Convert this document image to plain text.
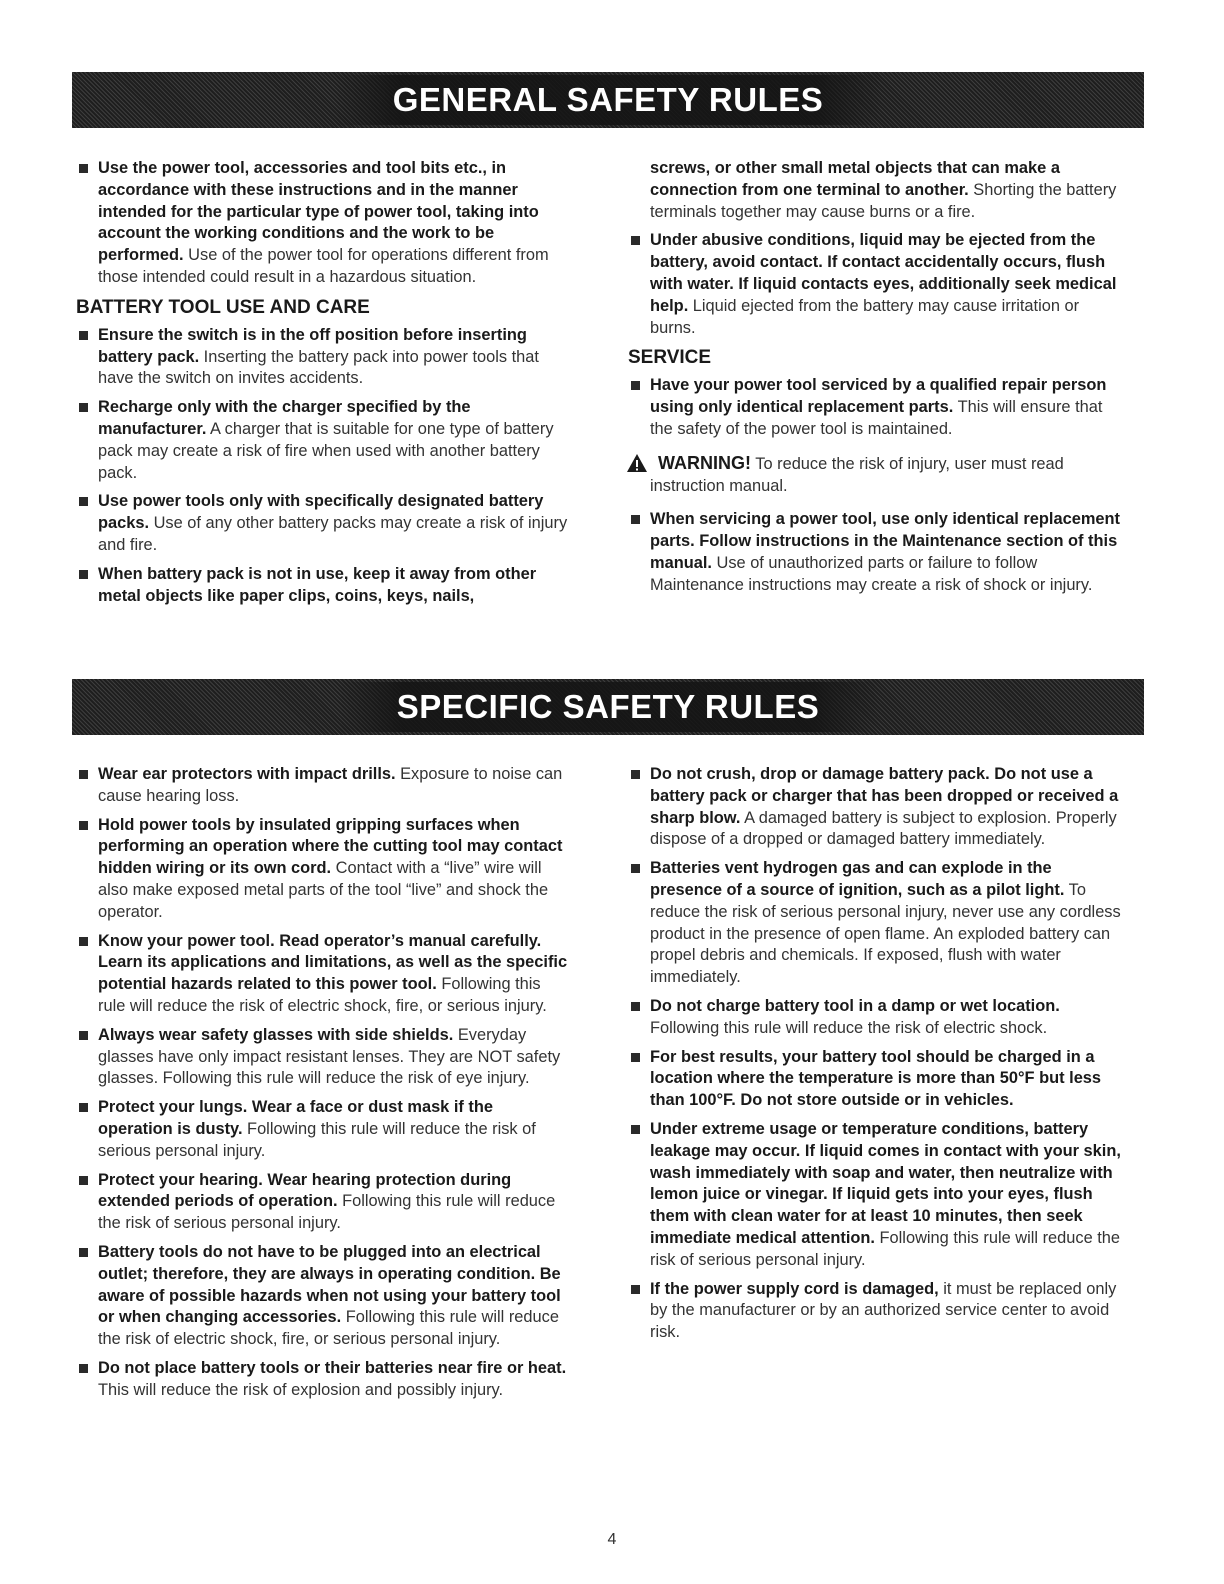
GENERAL SAFETY RULES
Use the power tool, accessories and tool bits etc., in accordance with these instructions and in the manner intended for the particular type of power tool, taking into account the working conditions and the work to be performed. Use of the power tool for operations different from those intended could result in a hazardous situation.
BATTERY TOOL USE AND CARE
Ensure the switch is in the off position before inserting battery pack. Inserting the battery pack into power tools that have the switch on invites accidents.
Recharge only with the charger specified by the manufacturer. A charger that is suitable for one type of battery pack may create a risk of fire when used with another battery pack.
Use power tools only with specifically designated battery packs. Use of any other battery packs may create a risk of injury and fire.
When battery pack is not in use, keep it away from other metal objects like paper clips, coins, keys, nails,
screws, or other small metal objects that can make a connection from one terminal to another. Shorting the battery terminals together may cause burns or a fire.
Under abusive conditions, liquid may be ejected from the battery, avoid contact. If contact accidentally occurs, flush with water. If liquid contacts eyes, additionally seek medical help. Liquid ejected from the battery may cause irritation or burns.
SERVICE
Have your power tool serviced by a qualified repair person using only identical replacement parts. This will ensure that the safety of the power tool is maintained.
WARNING! To reduce the risk of injury, user must read instruction manual.
When servicing a power tool, use only identical replacement parts. Follow instructions in the Maintenance section of this manual. Use of unauthorized parts or failure to follow Maintenance instructions may create a risk of shock or injury.
SPECIFIC SAFETY RULES
Wear ear protectors with impact drills. Exposure to noise can cause hearing loss.
Hold power tools by insulated gripping surfaces when performing an operation where the cutting tool may contact hidden wiring or its own cord. Contact with a “live” wire will also make exposed metal parts of the tool “live” and shock the operator.
Know your power tool. Read operator’s manual carefully. Learn its applications and limitations, as well as the specific potential hazards related to this power tool. Following this rule will reduce the risk of electric shock, fire, or serious injury.
Always wear safety glasses with side shields. Everyday glasses have only impact resistant lenses. They are NOT safety glasses. Following this rule will reduce the risk of eye injury.
Protect your lungs. Wear a face or dust mask if the operation is dusty. Following this rule will reduce the risk of serious personal injury.
Protect your hearing. Wear hearing protection during extended periods of operation. Following this rule will reduce the risk of serious personal injury.
Battery tools do not have to be plugged into an electrical outlet; therefore, they are always in operating condition. Be aware of possible hazards when not using your battery tool or when changing accessories. Following this rule will reduce the risk of electric shock, fire, or serious personal injury.
Do not place battery tools or their batteries near fire or heat. This will reduce the risk of explosion and possibly injury.
Do not crush, drop or damage battery pack. Do not use a battery pack or charger that has been dropped or received a sharp blow. A damaged battery is subject to explosion. Properly dispose of a dropped or damaged battery immediately.
Batteries vent hydrogen gas and can explode in the presence of a source of ignition, such as a pilot light. To reduce the risk of serious personal injury, never use any cordless product in the presence of open flame. An exploded battery can propel debris and chemicals. If exposed, flush with water immediately.
Do not charge battery tool in a damp or wet location. Following this rule will reduce the risk of electric shock.
For best results, your battery tool should be charged in a location where the temperature is more than 50°F but less than 100°F. Do not store outside or in vehicles.
Under extreme usage or temperature conditions, battery leakage may occur. If liquid comes in contact with your skin, wash immediately with soap and water, then neutralize with lemon juice or vinegar. If liquid gets into your eyes, flush them with clean water for at least 10 minutes, then seek immediate medical attention. Following this rule will reduce the risk of serious personal injury.
If the power supply cord is damaged, it must be replaced only by the manufacturer or by an authorized service center to avoid risk.
4
